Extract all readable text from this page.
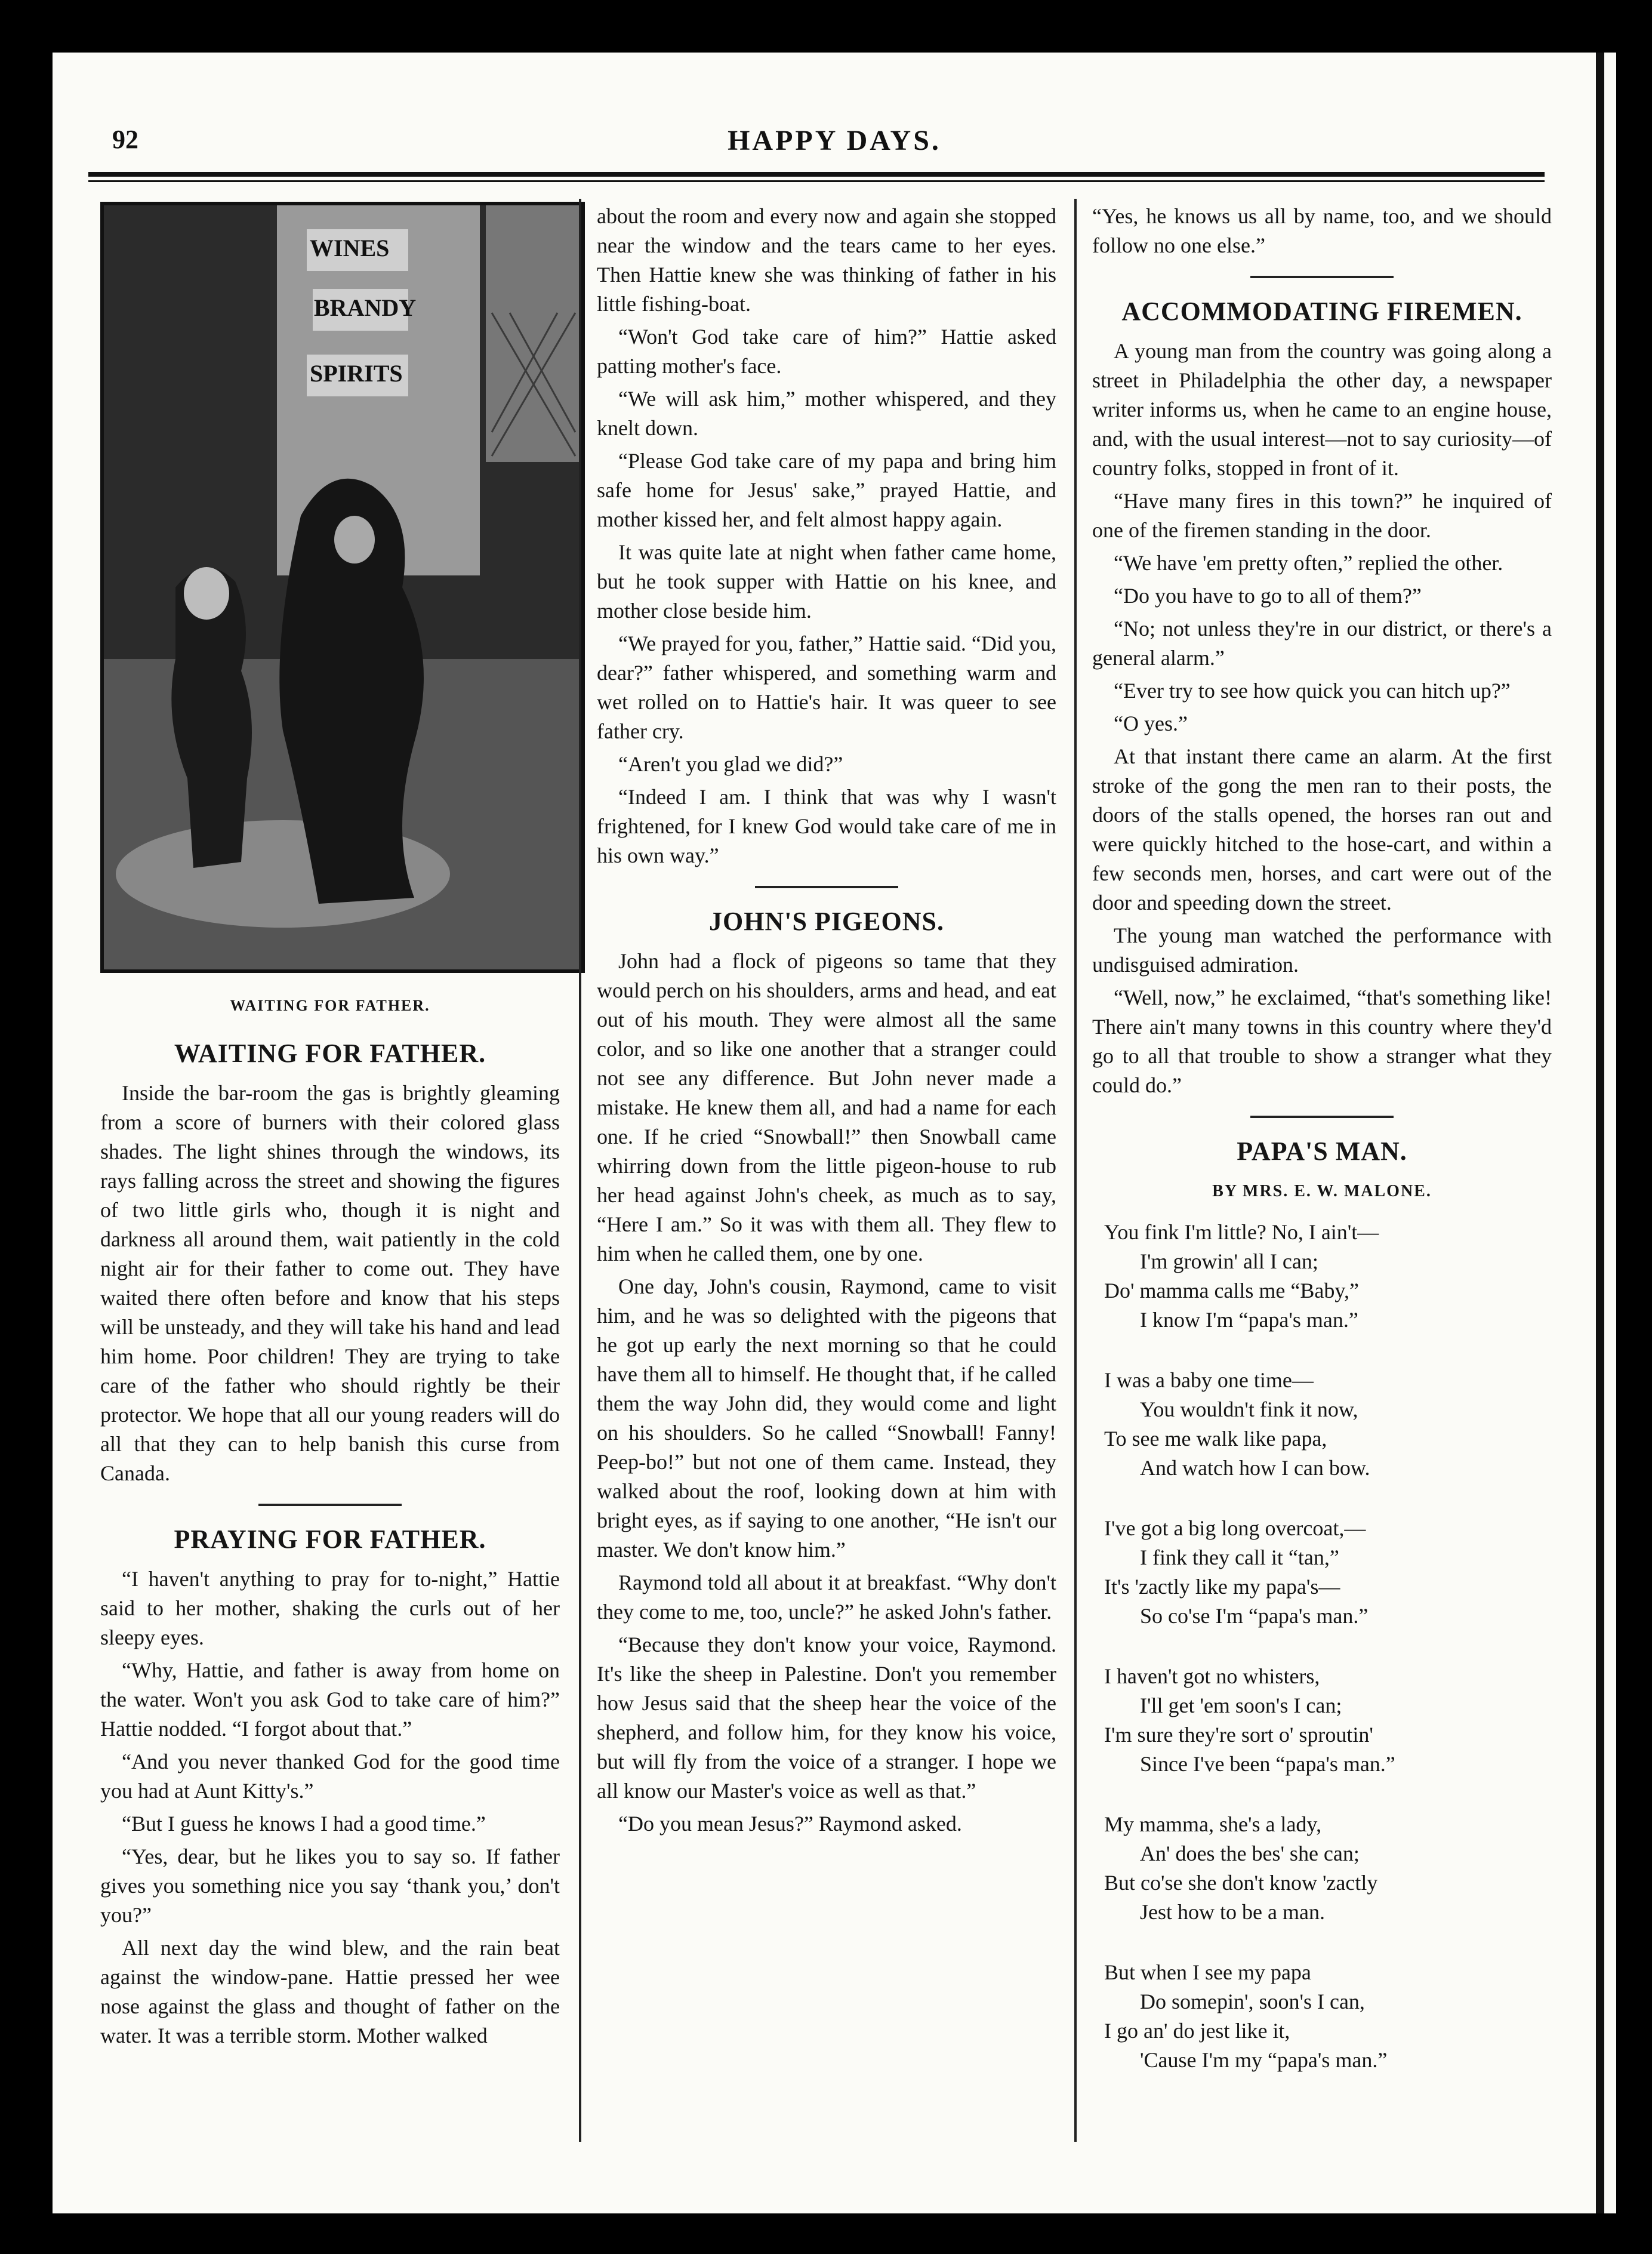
92	HAPPY DAYS.
WINES
BRANDY
SPIRITS
WAITING FOR FATHER.
WAITING FOR FATHER.

Inside the bar-room the gas is brightly gleaming from a score of burners with their colored glass shades. The light shines through the windows, its rays falling across the street and showing the figures of two little girls who, though it is night and darkness all around them, wait patiently in the cold night air for their father to come out. They have waited there often before and know that his steps will be unsteady, and they will take his hand and lead him home. Poor children! They are trying to take care of the father who should rightly be their protector. We hope that all our young readers will do all that they can to help banish this curse from Canada.

PRAYING FOR FATHER.

“I haven't anything to pray for to-night,” Hattie said to her mother, shaking the curls out of her sleepy eyes.

“Why, Hattie, and father is away from home on the water. Won't you ask God to take care of him?” Hattie nodded. “I forgot about that.”

“And you never thanked God for the good time you had at Aunt Kitty's.”

“But I guess he knows I had a good time.”

“Yes, dear, but he likes you to say so. If father gives you something nice you say ‘thank you,’ don't you?”

All next day the wind blew, and the rain beat against the window-pane. Hattie pressed her wee nose against the glass and thought of father on the water. It was a terrible storm. Mother walked

about the room and every now and again she stopped near the window and the tears came to her eyes. Then Hattie knew she was thinking of father in his little fishing-boat.

“Won't God take care of him?” Hattie asked patting mother's face.

“We will ask him,” mother whispered, and they knelt down.

“Please God take care of my papa and bring him safe home for Jesus' sake,” prayed Hattie, and mother kissed her, and felt almost happy again.

It was quite late at night when father came home, but he took supper with Hattie on his knee, and mother close beside him.

“We prayed for you, father,” Hattie said. “Did you, dear?” father whispered, and something warm and wet rolled on to Hattie's hair. It was queer to see father cry.

“Aren't you glad we did?”

“Indeed I am. I think that was why I wasn't frightened, for I knew God would take care of me in his own way.”

JOHN'S PIGEONS.

John had a flock of pigeons so tame that they would perch on his shoulders, arms and head, and eat out of his mouth. They were almost all the same color, and so like one another that a stranger could not see any difference. But John never made a mistake. He knew them all, and had a name for each one. If he cried “Snowball!” then Snowball came whirring down from the little pigeon-house to rub her head against John's cheek, as much as to say, “Here I am.” So it was with them all. They flew to him when he called them, one by one.

One day, John's cousin, Raymond, came to visit him, and he was so delighted with the pigeons that he got up early the next morning so that he could have them all to himself. He thought that, if he called them the way John did, they would come and light on his shoulders. So he called “Snowball! Fanny! Peep-bo!” but not one of them came. Instead, they walked about the roof, looking down at him with bright eyes, as if saying to one another, “He isn't our master. We don't know him.”

Raymond told all about it at breakfast. “Why don't they come to me, too, uncle?” he asked John's father.

“Because they don't know your voice, Raymond. It's like the sheep in Palestine. Don't you remember how Jesus said that the sheep hear the voice of the shepherd, and follow him, for they know his voice, but will fly from the voice of a stranger. I hope we all know our Master's voice as well as that.”

“Do you mean Jesus?” Raymond asked.

“Yes, he knows us all by name, too, and we should follow no one else.”

ACCOMMODATING FIREMEN.

A young man from the country was going along a street in Philadelphia the other day, a newspaper writer informs us, when he came to an engine house, and, with the usual interest—not to say curiosity—of country folks, stopped in front of it.

“Have many fires in this town?” he inquired of one of the firemen standing in the door.

“We have 'em pretty often,” replied the other.

“Do you have to go to all of them?”

“No; not unless they're in our district, or there's a general alarm.”

“Ever try to see how quick you can hitch up?”

“O yes.”

At that instant there came an alarm. At the first stroke of the gong the men ran to their posts, the doors of the stalls opened, the horses ran out and were quickly hitched to the hose-cart, and within a few seconds men, horses, and cart were out of the door and speeding down the street.

The young man watched the performance with undisguised admiration.

“Well, now,” he exclaimed, “that's something like! There ain't many towns in this country where they'd go to all that trouble to show a stranger what they could do.”

PAPA'S MAN.
BY MRS. E. W. MALONE.
You fink I'm little? No, I ain't—
I'm growin' all I can;
Do' mamma calls me “Baby,”
I know I'm “papa's man.”
I was a baby one time—
You wouldn't fink it now,
To see me walk like papa,
And watch how I can bow.
I've got a big long overcoat,—
I fink they call it “tan,”
It's 'zactly like my papa's—
So co'se I'm “papa's man.”
I haven't got no whisters,
I'll get 'em soon's I can;
I'm sure they're sort o' sproutin'
Since I've been “papa's man.”
My mamma, she's a lady,
An' does the bes' she can;
But co'se she don't know 'zactly
Jest how to be a man.
But when I see my papa
Do somepin', soon's I can,
I go an' do jest like it,
'Cause I'm my “papa's man.”
